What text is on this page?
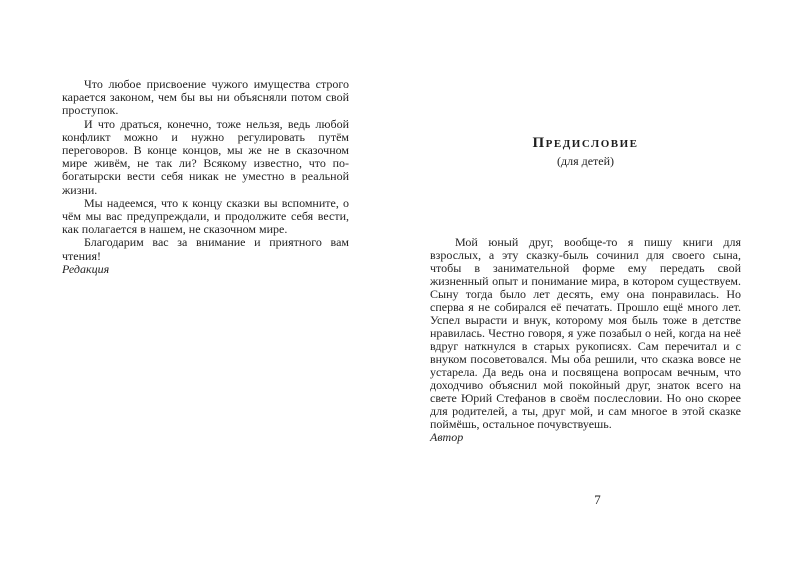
Что любое присвоение чужого имущества строго карается законом, чем бы вы ни объясняли потом свой проступок.

И что драться, конечно, тоже нельзя, ведь любой конфликт можно и нужно регулировать путём переговоров. В конце концов, мы же не в сказочном мире живём, не так ли? Всякому известно, что по-богатырски вести себя никак не уместно в реальной жизни.

Мы надеемся, что к концу сказки вы вспомните, о чём мы вас предупреждали, и продолжите себя вести, как полагается в нашем, не сказочном мире.

Благодарим вас за внимание и приятного вам чтения!

Редакция

Предисловие
(для детей)

Мой юный друг, вообще-то я пишу книги для взрослых, а эту сказку-быль сочинил для своего сына, чтобы в занимательной форме ему передать свой жизненный опыт и понимание мира, в котором существуем. Сыну тогда было лет десять, ему она понравилась. Но сперва я не собирался её печатать. Прошло ещё много лет. Успел вырасти и внук, которому моя быль тоже в детстве нравилась. Честно говоря, я уже позабыл о ней, когда на неё вдруг наткнулся в старых рукописях. Сам перечитал и с внуком посоветовался. Мы оба решили, что сказка вовсе не устарела. Да ведь она и посвящена вопросам вечным, что доходчиво объяснил мой покойный друг, знаток всего на свете Юрий Стефанов в своём послесловии. Но оно скорее для родителей, а ты, друг мой, и сам многое в этой сказке поймёшь, остальное почувствуешь.

Автор

7
